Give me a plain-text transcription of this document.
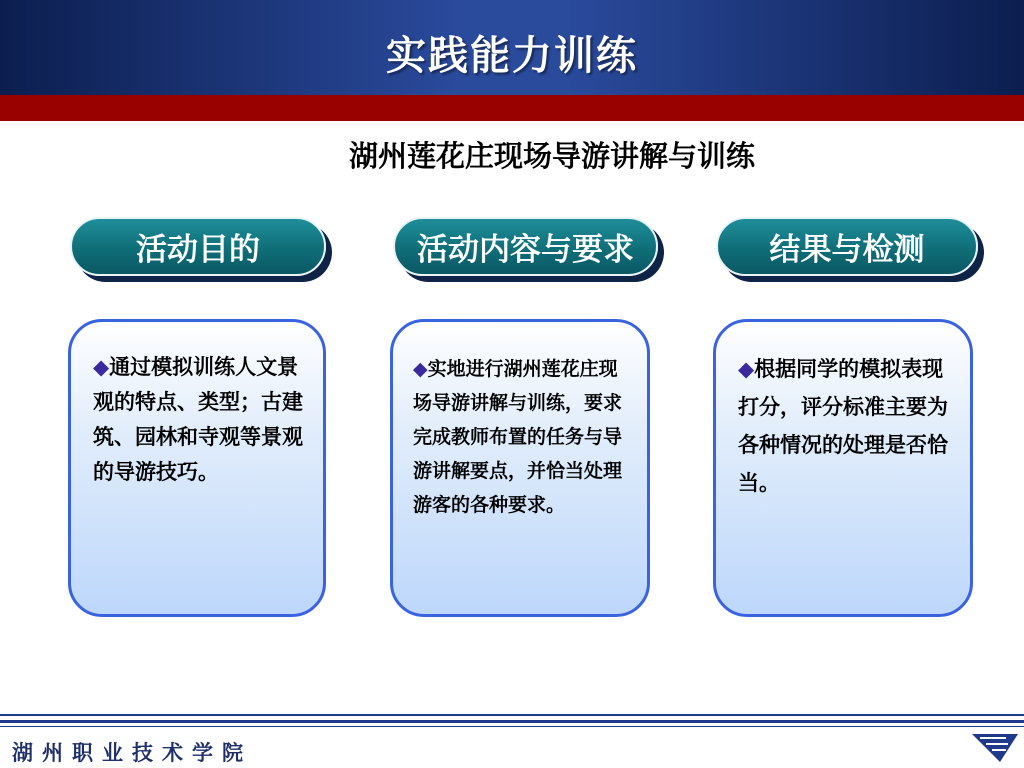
实践能力训练
湖州莲花庄现场导游讲解与训练
活动目的	活动内容与要求	结果与检测
◆通过模拟训练人文景观的特点、类型；古建筑、园林和寺观等景观的导游技巧。
◆实地进行湖州莲花庄现场导游讲解与训练，要求完成教师布置的任务与导游讲解要点，并恰当处理游客的各种要求。
◆根据同学的模拟表现打分，评分标准主要为各种情况的处理是否恰当。
湖州职业技术学院
